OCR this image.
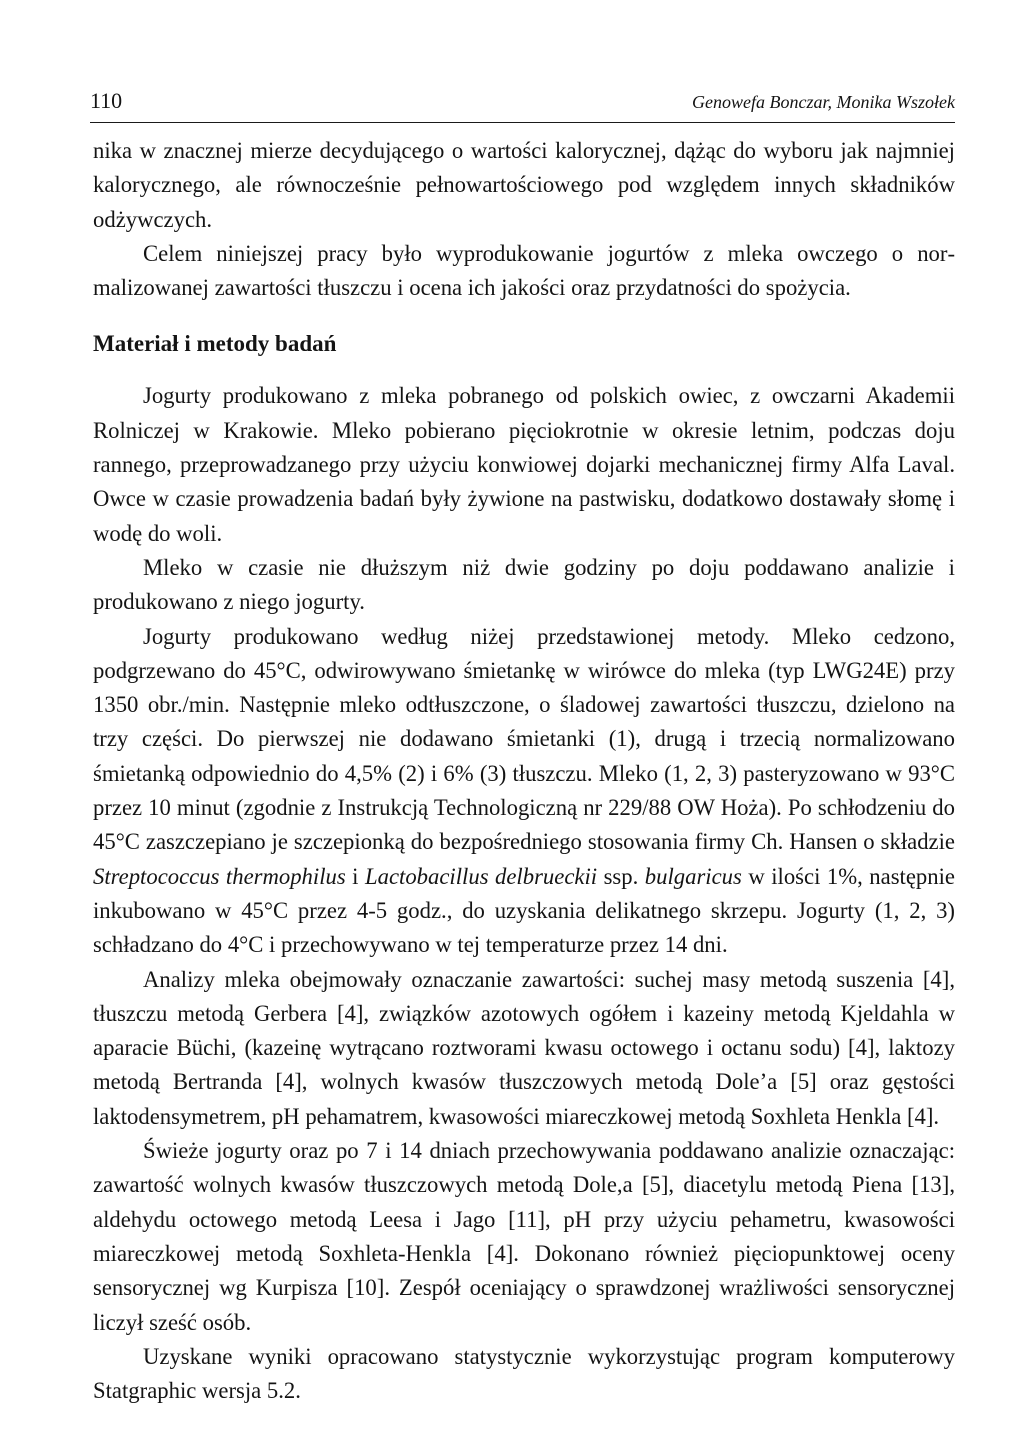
110	Genowefa Bonczar, Monika Wszołek

nika w znacznej mierze decydującego o wartości kalorycznej, dążąc do wyboru jak najmniej kalorycznego, ale równocześnie pełnowartościowego pod względem innych składników odżywczych.

Celem niniejszej pracy było wyprodukowanie jogurtów z mleka owczego o normalizowanej zawartości tłuszczu i ocena ich jakości oraz przydatności do spożycia.

Materiał i metody badań

Jogurty produkowano z mleka pobranego od polskich owiec, z owczarni Akademii Rolniczej w Krakowie. Mleko pobierano pięciokrotnie w okresie letnim, podczas doju rannego, przeprowadzanego przy użyciu konwiowej dojarki mechanicznej firmy Alfa Laval. Owce w czasie prowadzenia badań były żywione na pastwisku, dodatkowo dostawały słomę i wodę do woli.

Mleko w czasie nie dłuższym niż dwie godziny po doju poddawano analizie i produkowano z niego jogurty.

Jogurty produkowano według niżej przedstawionej metody. Mleko cedzono, podgrzewano do 45°C, odwirowywano śmietankę w wirówce do mleka (typ LWG24E) przy 1350 obr./min. Następnie mleko odtłuszczone, o śladowej zawartości tłuszczu, dzielono na trzy części. Do pierwszej nie dodawano śmietanki (1), drugą i trzecią normalizowano śmietanką odpowiednio do 4,5% (2) i 6% (3) tłuszczu. Mleko (1, 2, 3) pasteryzowano w 93°C przez 10 minut (zgodnie z Instrukcją Technologiczną nr 229/88 OW Hoża). Po schłodzeniu do 45°C zaszczepiano je szczepionką do bezpośredniego stosowania firmy Ch. Hansen o składzie Streptococcus thermophilus i Lactobacillus delbrueckii ssp. bulgaricus w ilości 1%, następnie inkubowano w 45°C przez 4-5 godz., do uzyskania delikatnego skrzepu. Jogurty (1, 2, 3) schładzano do 4°C i przechowywano w tej temperaturze przez 14 dni.

Analizy mleka obejmowały oznaczanie zawartości: suchej masy metodą suszenia [4], tłuszczu metodą Gerbera [4], związków azotowych ogółem i kazeiny metodą Kjeldahla w aparacie Büchi, (kazeinę wytrącano roztworami kwasu octowego i octanu sodu) [4], laktozy metodą Bertranda [4], wolnych kwasów tłuszczowych metodą Dole’a [5] oraz gęstości laktodensymetrem, pH pehamatrem, kwasowości miareczkowej metodą Soxhleta Henkla [4].

Świeże jogurty oraz po 7 i 14 dniach przechowywania poddawano analizie oznaczając: zawartość wolnych kwasów tłuszczowych metodą Dole,a [5], diacetylu metodą Piena [13], aldehydu octowego metodą Leesa i Jago [11], pH przy użyciu pehametru, kwasowości miareczkowej metodą Soxhleta-Henkla [4]. Dokonano również pięciopunktowej oceny sensorycznej wg Kurpisza [10]. Zespół oceniający o sprawdzonej wrażliwości sensorycznej liczył sześć osób.

Uzyskane wyniki opracowano statystycznie wykorzystując program komputerowy Statgraphic wersja 5.2.
